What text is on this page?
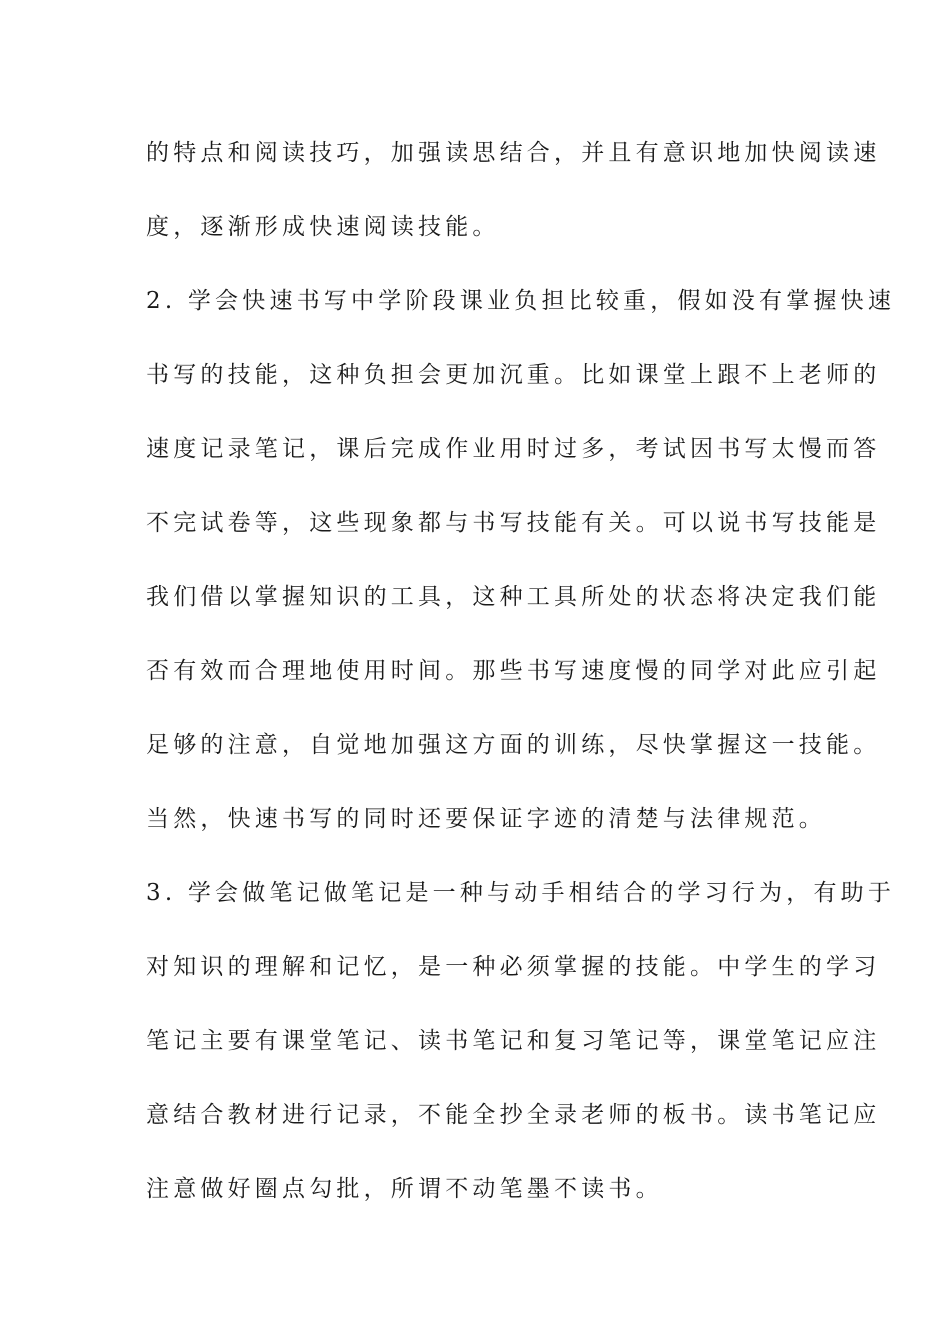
的特点和阅读技巧，加强读思结合，并且有意识地加快阅读速
度，逐渐形成快速阅读技能。
2. 学会快速书写中学阶段课业负担比较重，假如没有掌握快速
书写的技能，这种负担会更加沉重。比如课堂上跟不上老师的
速度记录笔记，课后完成作业用时过多，考试因书写太慢而答
不完试卷等，这些现象都与书写技能有关。可以说书写技能是
我们借以掌握知识的工具，这种工具所处的状态将决定我们能
否有效而合理地使用时间。那些书写速度慢的同学对此应引起
足够的注意，自觉地加强这方面的训练，尽快掌握这一技能。
当然，快速书写的同时还要保证字迹的清楚与法律规范。
3. 学会做笔记做笔记是一种与动手相结合的学习行为，有助于
对知识的理解和记忆，是一种必须掌握的技能。中学生的学习
笔记主要有课堂笔记、读书笔记和复习笔记等，课堂笔记应注
意结合教材进行记录，不能全抄全录老师的板书。读书笔记应
注意做好圈点勾批，所谓不动笔墨不读书。
